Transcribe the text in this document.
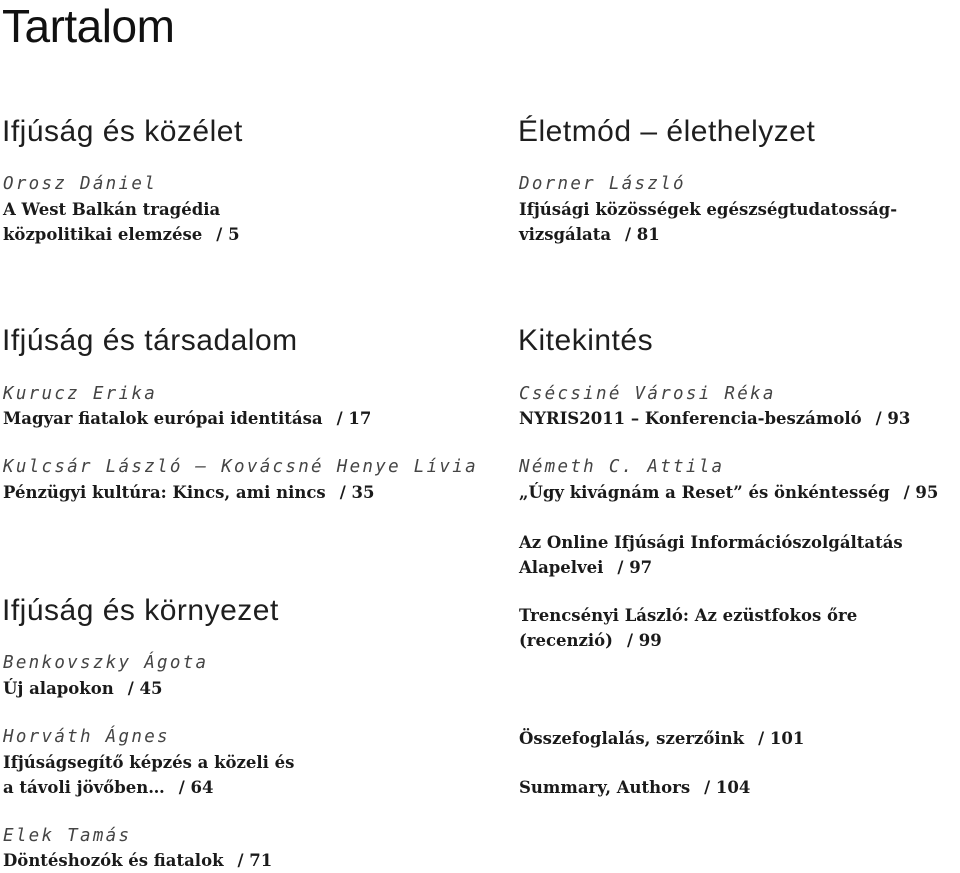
Tartalom
Ifjúság és közélet
Orosz Dániel
A West Balkán tragédia
közpolitikai elemzése / 5
Ifjúság és társadalom
Kurucz Erika
Magyar fiatalok európai identitása / 17
Kulcsár László – Kovácsné Henye Lívia
Pénzügyi kultúra: Kincs, ami nincs / 35
Ifjúság és környezet
Benkovszky Ágota
Új alapokon / 45
Horváth Ágnes
Ifjúságsegítő képzés a közeli és
a távoli jövőben… / 64
Elek Tamás
Döntéshozók és fiatalok / 71
Életmód – élethelyzet
Dorner László
Ifjúsági közösségek egészségtudatosság-
vizsgálata / 81
Kitekintés
Csécsiné Városi Réka
NYRIS2011 – Konferencia-beszámoló / 93
Németh C. Attila
„Úgy kivágnám a Reset” és önkéntesség / 95
Az Online Ifjúsági Információszolgáltatás
Alapelvei / 97
Trencsényi László: Az ezüstfokos őre
(recenzió) / 99
Összefoglalás, szerzőink / 101
Summary, Authors / 104
